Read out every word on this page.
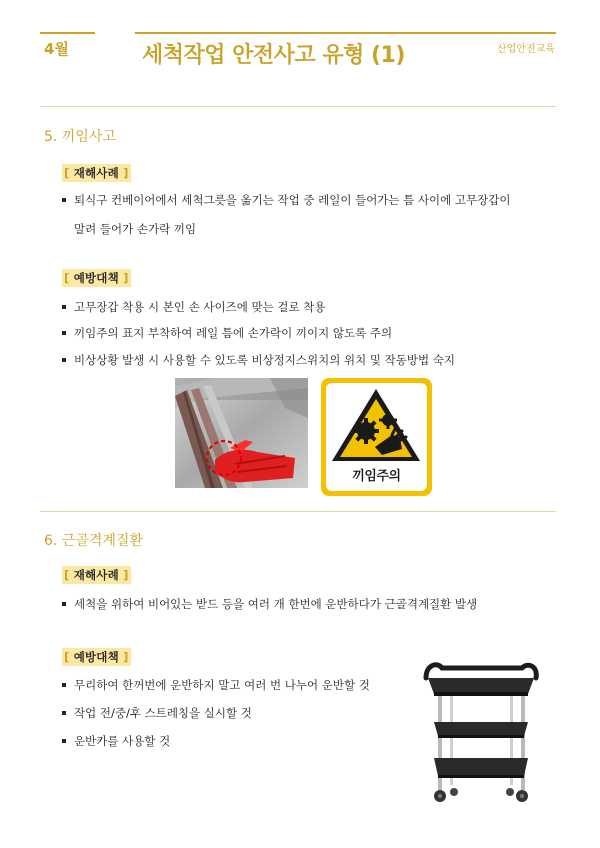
4월	세척작업 안전사고 유형 (1)	산업안전교육
5. 끼임사고
[ 재해사례 ]
퇴식구 컨베이어에서 세척그릇을 옮기는 작업 중 레일이 들어가는 틈 사이에 고무장갑이
말려 들어가 손가락 끼임
[ 예방대책 ]
고무장갑 착용 시 본인 손 사이즈에 맞는 걸로 착용
끼임주의 표지 부착하여 레일 틈에 손가락이 끼이지 않도록 주의
비상상황 발생 시 사용할 수 있도록 비상정지스위치의 위치 및 작동방법 숙지
끼임주의
6. 근골격계질환
[ 재해사례 ]
세척을 위하여 비어있는 받드 등을 여러 개 한번에 운반하다가 근골격계질환 발생
[ 예방대책 ]
무리하여 한꺼번에 운반하지 말고 여러 번 나누어 운반할 것
작업 전/중/후 스트레칭을 실시할 것
운반카를 사용할 것
